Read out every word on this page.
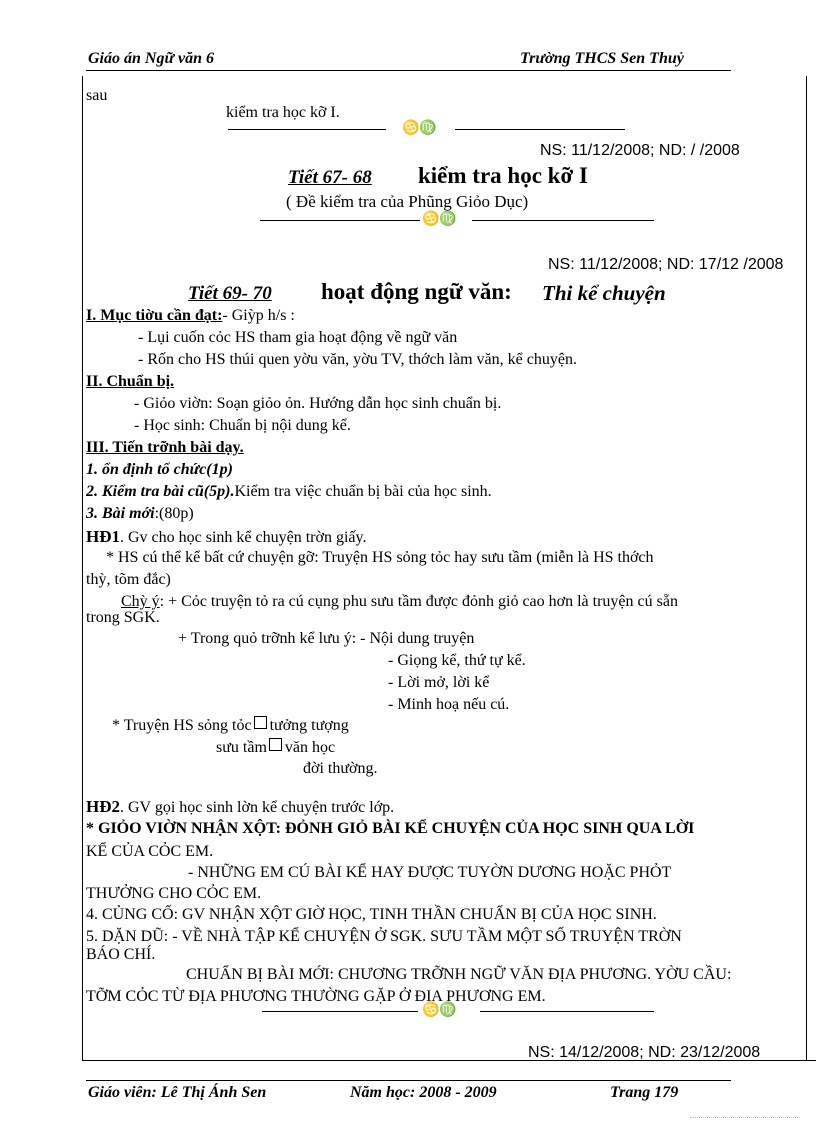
Giáo án Ngữ văn 6	Trường THCS Sen Thuỷ
sau
kiểm tra học kỡ I.
♋♍
NS: 11/12/2008; ND: / /2008
Tiết 67- 68 kiểm tra học kỡ I
( Đề kiểm tra của Phũng Giỏo Dục)
♋♍
NS: 11/12/2008; ND: 17/12 /2008
Tiết 69- 70 hoạt động ngữ văn: Thi kể chuyện
I. Mục tiờu cần đạt:- Giỳp h/s :
- Lụi cuốn cỏc HS tham gia hoạt động về ngữ văn
- Rốn cho HS thúi quen yờu văn, yờu TV, thớch làm văn, kể chuyện.
II. Chuẩn bị.
- Giỏo viờn: Soạn giỏo ỏn. Hướng dẫn học sinh chuẩn bị.
- Học sinh: Chuẩn bị nội dung kể.
III. Tiến trỡnh bài dạy.
1. ổn định tổ chức(1p)
2. Kiểm tra bài cũ(5p).Kiểm tra việc chuẩn bị bài của học sinh.
3. Bài mới:(80p)
HĐ1. Gv cho học sinh kể chuyện trờn giấy.
* HS cú thể kể bất cứ chuyện gỡ: Truyện HS sỏng tỏc hay sưu tầm (miễn là HS thớch
thỳ, tõm đắc)
Chỳ ý: + Cỏc truyện tỏ ra cú cụng phu sưu tầm được đỏnh giỏ cao hơn là truyện cú sẵn
trong SGK.
+ Trong quỏ trỡnh kể lưu ý: - Nội dung truyện
- Giọng kể, thứ tự kể.
- Lời mở, lời kể
- Minh hoạ nếu cú.
* Truyện HS sỏng tỏc tưởng tượng
sưu tầm văn học
đời thường.
HĐ2. GV gọi học sinh lờn kể chuyện trước lớp.
* GIỎO VIỜN NHẬN XỘT: ĐỎNH GIỎ BÀI KỂ CHUYỆN CỦA HỌC SINH QUA LỜI
KỂ CỦA CỎC EM.
- NHỮNG EM CÚ BÀI KỂ HAY ĐƯỢC TUYỜN DƯƠNG HOẶC PHỎT
THƯỞNG CHO CỎC EM.
4. CỦNG CỐ: GV NHẬN XỘT GIỜ HỌC, TINH THẦN CHUẨN BỊ CỦA HỌC SINH.
5. DẶN DŨ: - VỀ NHÀ TẬP KỂ CHUYỆN Ở SGK. SƯU TẦM MỘT SỐ TRUYỆN TRỜN
BÁO CHÍ.
CHUẨN BỊ BÀI MỚI: CHƯƠNG TRỠNH NGỮ VĂN ĐỊA PHƯƠNG. YỜU CẦU:
TỠM CỎC TỪ ĐỊA PHƯƠNG THƯỜNG GẶP Ở ĐỊA PHƯƠNG EM.
♋♍
NS: 14/12/2008; ND: 23/12/2008
Giáo viên: Lê Thị Ánh Sen	Năm học: 2008 - 2009	Trang 179
